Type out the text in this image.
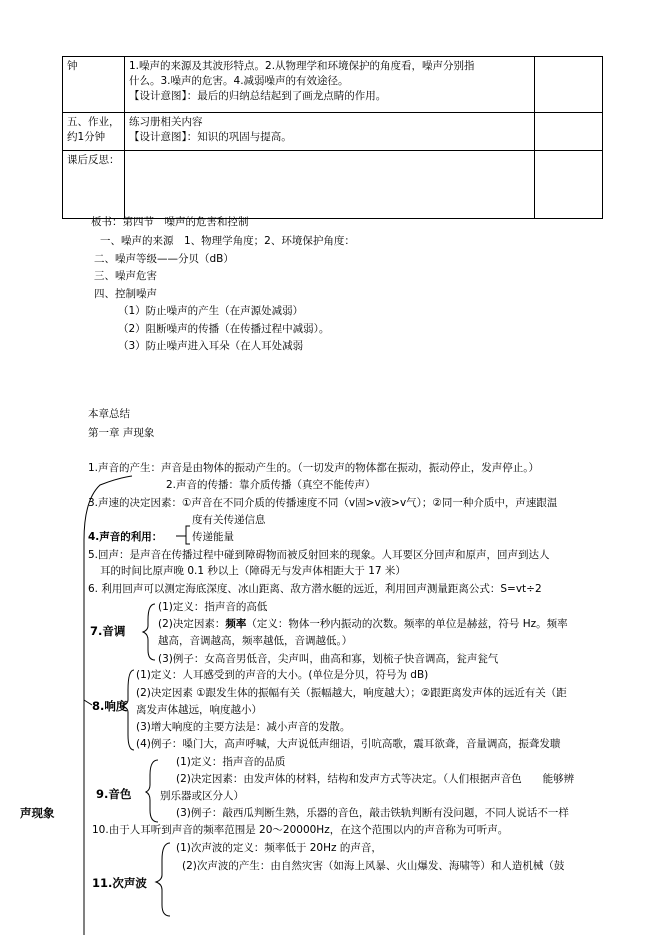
钟	1.噪声的来源及其波形特点。2.从物理学和环境保护的角度看，噪声分别指
什么。3.噪声的危害。4.减弱噪声的有效途径。
【设计意图】：最后的归纳总结起到了画龙点睛的作用。	

五、作业，约1分钟	练习册相关内容
【设计意图】：知识的巩固与提高。	

课后反思：		
板书：第四节　噪声的危害和控制
一、噪声的来源　1、物理学角度；2、环境保护角度：
二、噪声等级——分贝（dB）
三、噪声危害
四、控制噪声
（1）防止噪声的产生（在声源处减弱）
（2）阻断噪声的传播（在传播过程中减弱）。
（3）防止噪声进入耳朵（在人耳处减弱
本章总结
第一章 声现象
1.声音的产生：声音是由物体的振动产生的。（一切发声的物体都在振动，振动停止，发声停止。）
2.声音的传播：靠介质传播（真空不能传声）
3.声速的决定因素：①声音在不同介质的传播速度不同（v固>v液>v气）；②同一种介质中，声速跟温
度有关传递信息
4.声音的利用：	传递能量
5.回声：是声音在传播过程中碰到障碍物而被反射回来的现象。人耳要区分回声和原声，回声到达人
耳的时间比原声晚 0.1 秒以上（障碍无与发声体相距大于 17 米）
6. 利用回声可以测定海底深度、冰山距离、敌方潜水艇的远近，利用回声测量距离公式：S=vt÷2
(1)定义：指声音的高低
(2)决定因素：频率（定义：物体一秒内振动的次数。频率的单位是赫兹，符号 Hz。频率
越高，音调越高，频率越低，音调越低。）
7.音调
(3)例子：女高音男低音，尖声叫，曲高和寡，划梳子快音调高，瓮声瓮气
(1)定义：人耳感受到的声音的大小。(单位是分贝，符号为 dB)
(2)决定因素 ①跟发生体的振幅有关（振幅越大，响度越大）；②跟距离发声体的远近有关（距
离发声体越远，响度越小）
8.响度
(3)增大响度的主要方法是：减小声音的发散。
(4)例子：嗓门大，高声呼喊，大声说低声细语，引吭高歌，震耳欲聋，音量调高，振聋发聩
(1)定义：指声音的品质
(2)决定因素：由发声体的材料，结构和发声方式等决定。（人们根据声音色　　能够辨
别乐器或区分人）
9.音色
(3)例子：敲西瓜判断生熟，乐器的音色，敲击铁轨判断有没问题，不同人说话不一样
声现象
10.由于人耳听到声音的频率范围是 20～20000Hz，在这个范围以内的声音称为可听声。
(1)次声波的定义：频率低于 20Hz 的声音，
(2)次声波的产生：由自然灾害（如海上风暴、火山爆发、海啸等）和人造机械（鼓
11.次声波
